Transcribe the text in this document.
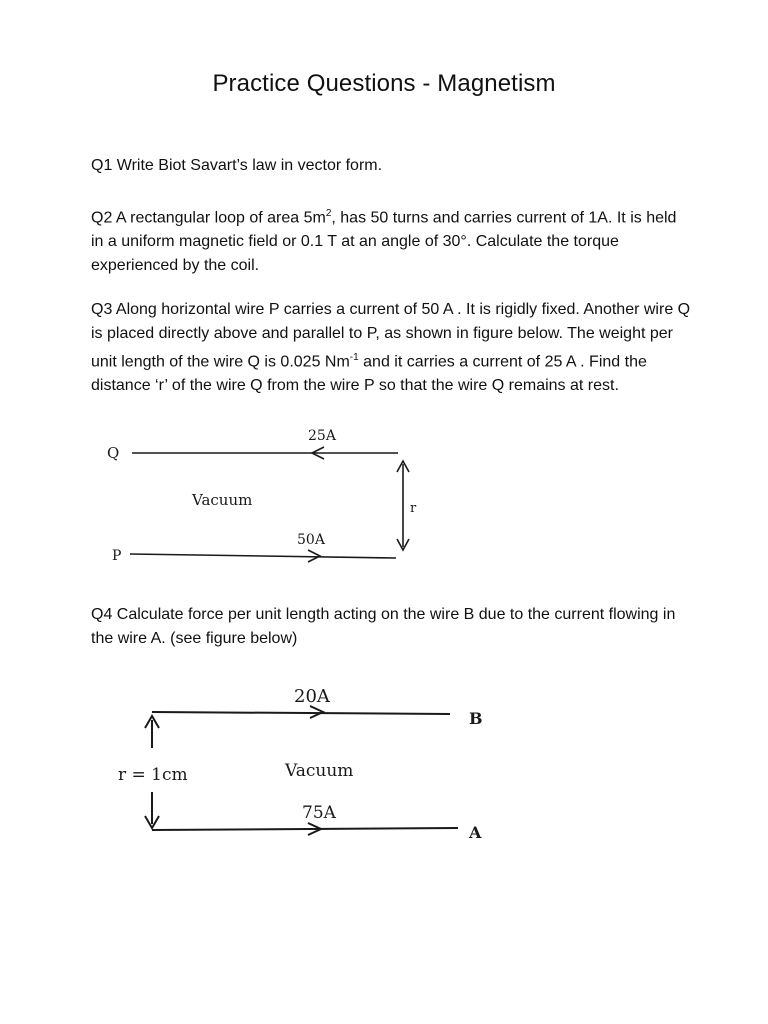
Practice Questions - Magnetism

Q1 Write Biot Savart’s law in vector form.

Q2 A rectangular loop of area $5m^2$, has 50 turns and carries current of 1A. It is held in a uniform magnetic field or 0.1 T at an angle of 30°. Calculate the torque experienced by the coil.

Q3 Along horizontal wire P carries a current of 50 A . It is rigidly fixed. Another wire Q is placed directly above and parallel to P, as shown in figure below. The weight per unit length of the wire Q is 0.025 $Nm^{-1}$ and it carries a current of 25 A . Find the distance ‘r’ of the wire Q from the wire P so that the wire Q remains at rest.

Q
25A
Vacuum	r
P
50A

Q4 Calculate force per unit length acting on the wire B due to the current flowing in the wire A. (see figure below)

20A
B
r = 1cm	Vacuum
75A
A
